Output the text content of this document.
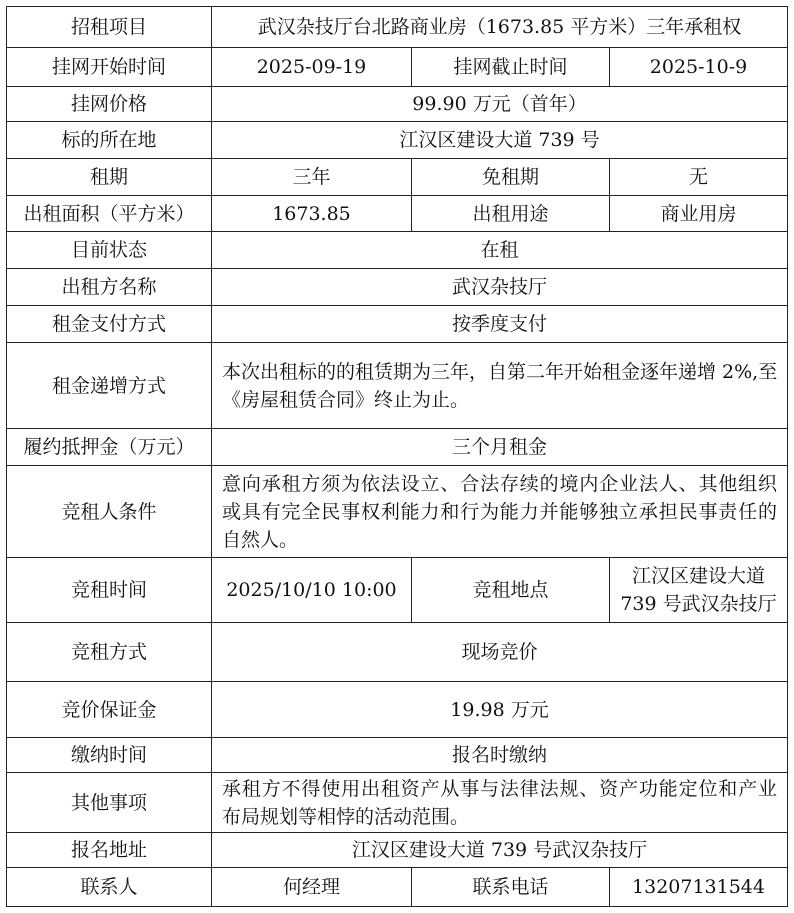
招租项目	武汉杂技厅台北路商业房（1673.85 平方米）三年承租权		
挂网开始时间	2025-09-19	挂网截止时间	2025-10-9
挂网价格	99.90 万元（首年）		
标的所在地	江汉区建设大道 739 号		
租期	三年	免租期	无
出租面积（平方米）	1673.85	出租用途	商业用房
目前状态	在租		
出租方名称	武汉杂技厅		
租金支付方式	按季度支付		
租金递增方式	本次出租标的的租赁期为三年，自第二年开始租金逐年递增 2%,至
《房屋租赁合同》终止为止。		

履约抵押金（万元）	三个月租金		
竞租人条件	意向承租方须为依法设立、合法存续的境内企业法人、其他组织
或具有完全民事权利能力和行为能力并能够独立承担民事责任的
自然人。		

竞租时间	2025/10/10 10:00	竞租地点	江汉区建设大道
739 号武汉杂技厅

竞租方式	现场竞价		
竞价保证金	19.98 万元		
缴纳时间	报名时缴纳		
其他事项	承租方不得使用出租资产从事与法律法规、资产功能定位和产业
布局规划等相悖的活动范围。		

报名地址	江汉区建设大道 739 号武汉杂技厅		
联系人	何经理	联系电话	13207131544
